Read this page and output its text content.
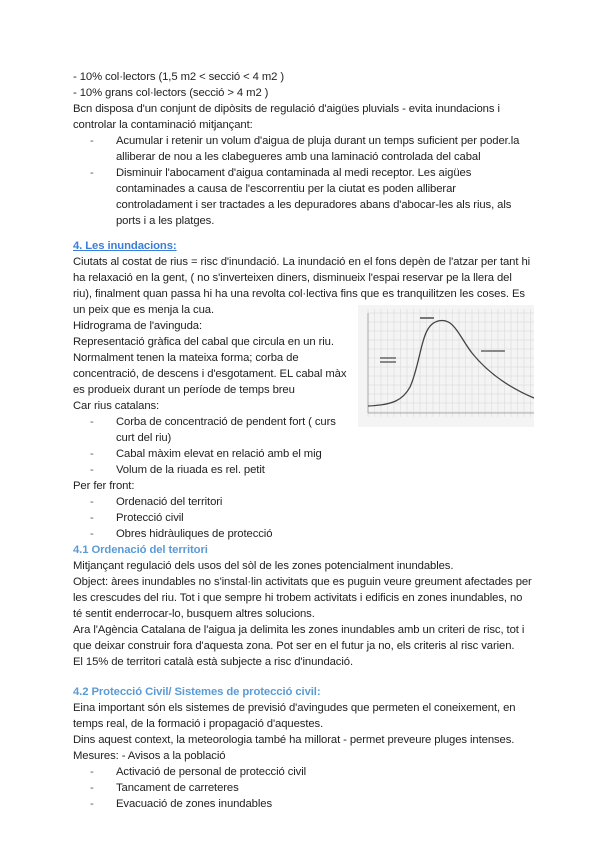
- 10% col·lectors (1,5 m2 < secció < 4 m2 )
- 10% grans col·lectors (secció > 4 m2 )
Bcn disposa d'un conjunt de dipòsits de regulació d'aigües pluvials - evita inundacions i
controlar la contaminació mitjançant:
- Acumular i retenir un volum d'aigua de pluja durant un temps suficient per poder.la alliberar de nou a les clabegueres amb una laminació controlada del cabal
- Disminuir l'abocament d'aigua contaminada al medi receptor. Les aigües contaminades a causa de l'escorrentiu per la ciutat es poden alliberar controladament i ser tractades a les depuradores abans d'abocar-les als rius, als ports i a les platges.
4. Les inundacions:
Ciutats al costat de rius = risc d'inundació. La inundació en el fons depèn de l'atzar per tant hi ha relaxació en la gent, ( no s'inverteixen diners, disminueix l'espai reservar pe la llera del riu), finalment quan passa hi ha una revolta col·lectiva fins que es tranquilitzen les coses. Es un peix que es menja la cua.
Hidrograma de l'avinguda:
Representació gràfica del cabal que circula en un riu. Normalment tenen la mateixa forma; corba de concentració, de descens i d'esgotament. EL cabal màx es produeix durant un període de temps breu
Car rius catalans:
- Corba de concentració de pendent fort ( curs curt del riu)
- Cabal màxim elevat en relació amb el mig
- Volum de la riuada es rel. petit
Per fer front:
- Ordenació del territori
- Protecció civil
- Obres hidràuliques de protecció
4.1 Ordenació del territori
Mitjançant regulació dels usos del sòl de les zones potencialment inundables.
Object: àrees inundables no s'instal·lin activitats que es puguin veure greument afectades per les crescudes del riu. Tot i que sempre hi trobem activitats i edificis en zones inundables, no té sentit enderrocar-lo, busquem altres solucions.
Ara l'Agència Catalana de l'aigua ja delimita les zones inundables amb un criteri de risc, tot i que deixar construir fora d'aquesta zona. Pot ser en el futur ja no, els criteris al risc varien.
El 15% de territori català està subjecte a risc d'inundació.
4.2 Protecció Civil/ Sistemes de protecció civil:
Eina important són els sistemes de previsió d'avingudes que permeten el coneixement, en temps real, de la formació i propagació d'aquestes.
Dins aquest context, la meteorologia també ha millorat - permet preveure pluges intenses.
Mesures: - Avisos a la població
- Activació de personal de protecció civil
- Tancament de carreteres
- Evacuació de zones inundables
